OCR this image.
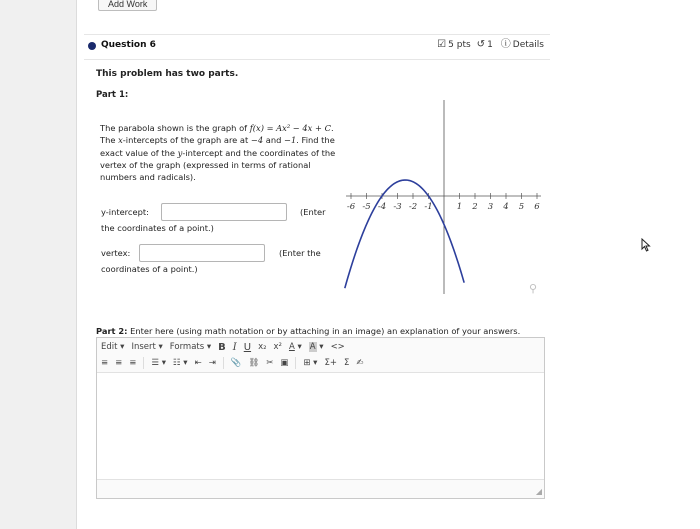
Add Work
Question 6	☑ 5 pts ↺ 1 ⓘ Details
This problem has two parts.
Part 1:
The parabola shown is the graph of f(x) = Ax² − 4x + C. The x-intercepts of the graph are at −4 and −1. Find the exact value of the y-intercept and the coordinates of the vertex of the graph (expressed in terms of rational numbers and radicals).
y-intercept:	(Enter
the coordinates of a point.)
vertex:	(Enter the
coordinates of a point.)
-6 -5 -4 -3 -2 -1	1 2 3 4 5 6
⚲
Part 2: Enter here (using math notation or by attaching in an image) an explanation of your answers.
Edit ▾ Insert ▾ Formats ▾ B I U x₂ x² A ▾ A ▾ <>
≡ ≡ ≡ ☰ ▾ ☷ ▾ ⇤ ⇥ 📎 ⛓ ✂ ▣ ⊞ ▾ Σ+ Σ ✍
◢
